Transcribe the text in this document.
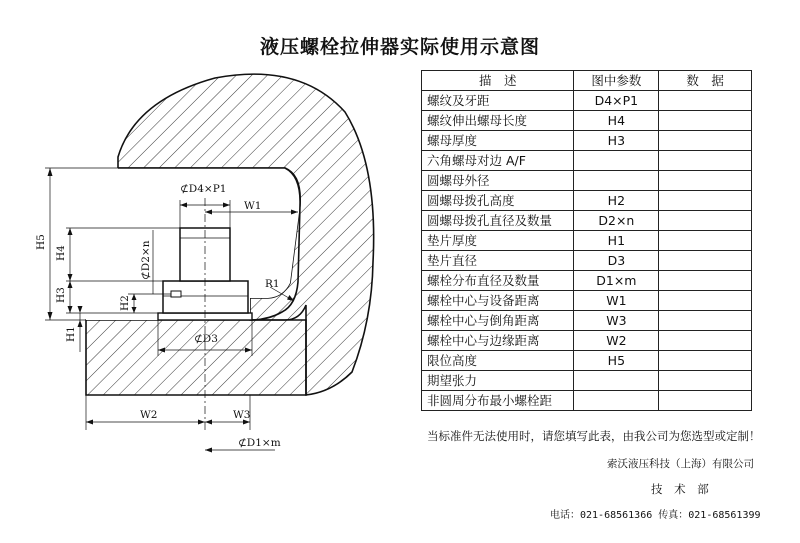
液压螺栓拉伸器实际使用示意图
⊄D4×P1
W1
H5
H4	⊄D2×n
H3
H2
H1
R1
⊄D3
W2	W3
⊄D1×m
描　述	图中参数	数　据
螺纹及牙距	D4×P1	
螺纹伸出螺母长度	H4	
螺母厚度	H3	
六角螺母对边 A/F		
圆螺母外径		
圆螺母拨孔高度	H2	
圆螺母拨孔直径及数量	D2×n	
垫片厚度	H1	
垫片直径	D3	
螺栓分布直径及数量	D1×m	
螺栓中心与设备距离	W1	
螺栓中心与倒角距离	W3	
螺栓中心与边缘距离	W2	
限位高度	H5	
期望张力		
非圆周分布最小螺栓距		
当标准件无法使用时，请您填写此表，由我公司为您选型或定制！
索沃液压科技（上海）有限公司
技 术 部
电话：021-68561366 传真：021-68561399
